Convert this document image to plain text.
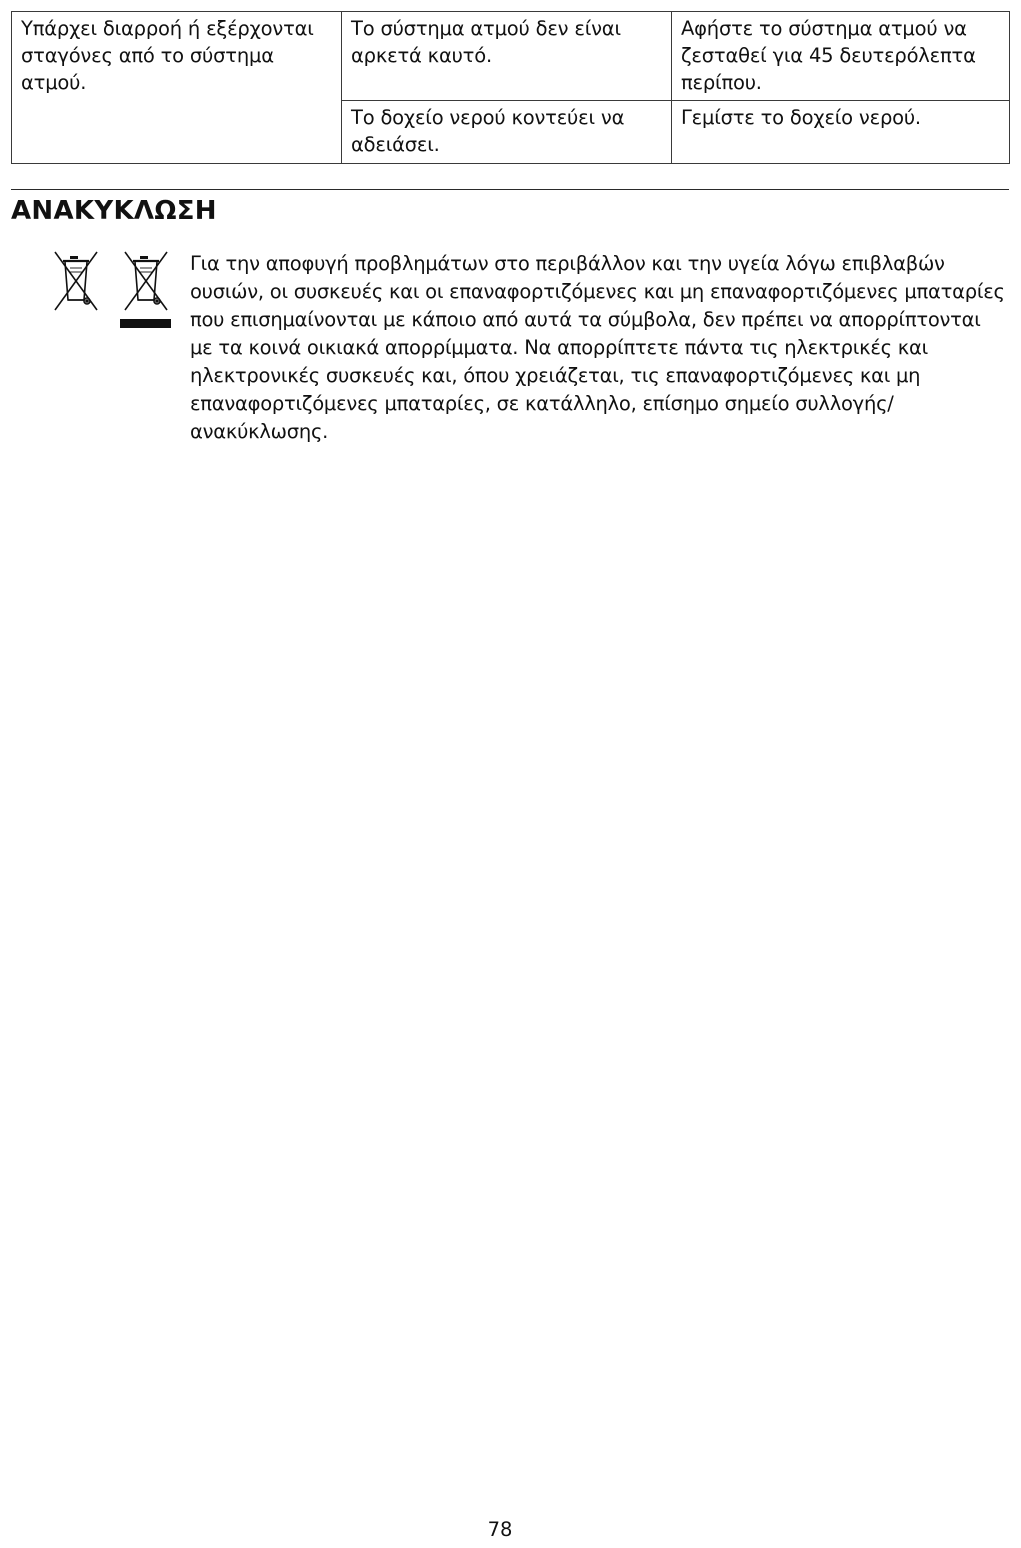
Υπάρχει διαρροή ή εξέρχονται σταγόνες από το σύστημα ατμού.	Το σύστημα ατμού δεν είναι αρκετά καυτό.	Αφήστε το σύστημα ατμού να ζεσταθεί για 45 δευτερόλεπτα περίπου.
	Το δοχείο νερού κοντεύει να αδειάσει.	Γεμίστε το δοχείο νερού.
ΑΝΑΚΥΚΛΩΣΗ

Για την αποφυγή προβλημάτων στο περιβάλλον και την υγεία λόγω επιβλαβών ουσιών, οι συσκευές και οι επαναφορτιζόμενες και μη επαναφορτιζόμενες μπαταρίες που επισημαίνονται με κάποιο από αυτά τα σύμβολα, δεν πρέπει να απορρίπτονται με τα κοινά οικιακά απορρίμματα. Να απορρίπτετε πάντα τις ηλεκτρικές και ηλεκτρονικές συσκευές και, όπου χρειάζεται, τις επαναφορτιζόμενες και μη επαναφορτιζόμενες μπαταρίες, σε κατάλληλο, επίσημο σημείο συλλογής/ανακύκλωσης.

78
